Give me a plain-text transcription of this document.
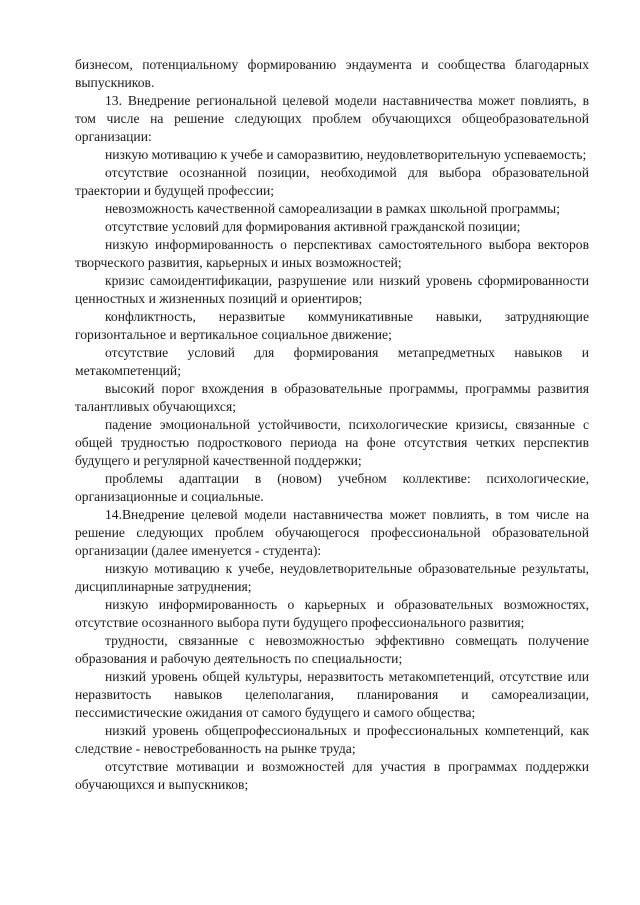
бизнесом, потенциальному формированию эндаумента и сообщества благодарных выпускников.

13. Внедрение региональной целевой модели наставничества может повлиять, в том числе на решение следующих проблем обучающихся общеобразовательной организации:

низкую мотивацию к учебе и саморазвитию, неудовлетворительную успеваемость;

отсутствие осознанной позиции, необходимой для выбора образовательной траектории и будущей профессии;

невозможность качественной самореализации в рамках школьной программы;

отсутствие условий для формирования активной гражданской позиции;

низкую информированность о перспективах самостоятельного выбора векторов творческого развития, карьерных и иных возможностей;

кризис самоидентификации, разрушение или низкий уровень сформированности ценностных и жизненных позиций и ориентиров;

конфликтность, неразвитые коммуникативные навыки, затрудняющие горизонтальное и вертикальное социальное движение;

отсутствие условий для формирования метапредметных навыков и метакомпетенций;

высокий порог вхождения в образовательные программы, программы развития талантливых обучающихся;

падение эмоциональной устойчивости, психологические кризисы, связанные с общей трудностью подросткового периода на фоне отсутствия четких перспектив будущего и регулярной качественной поддержки;

проблемы адаптации в (новом) учебном коллективе: психологические, организационные и социальные.

14.Внедрение целевой модели наставничества может повлиять, в том числе на решение следующих проблем обучающегося профессиональной образовательной организации (далее именуется - студента):

низкую мотивацию к учебе, неудовлетворительные образовательные результаты, дисциплинарные затруднения;

низкую информированность о карьерных и образовательных возможностях, отсутствие осознанного выбора пути будущего профессионального развития;

трудности, связанные с невозможностью эффективно совмещать получение образования и рабочую деятельность по специальности;

низкий уровень общей культуры, неразвитость метакомпетенций, отсутствие или неразвитость навыков целеполагания, планирования и самореализации, пессимистические ожидания от самого будущего и самого общества;

низкий уровень общепрофессиональных и профессиональных компетенций, как следствие - невостребованность на рынке труда;

отсутствие мотивации и возможностей для участия в программах поддержки обучающихся и выпускников;
